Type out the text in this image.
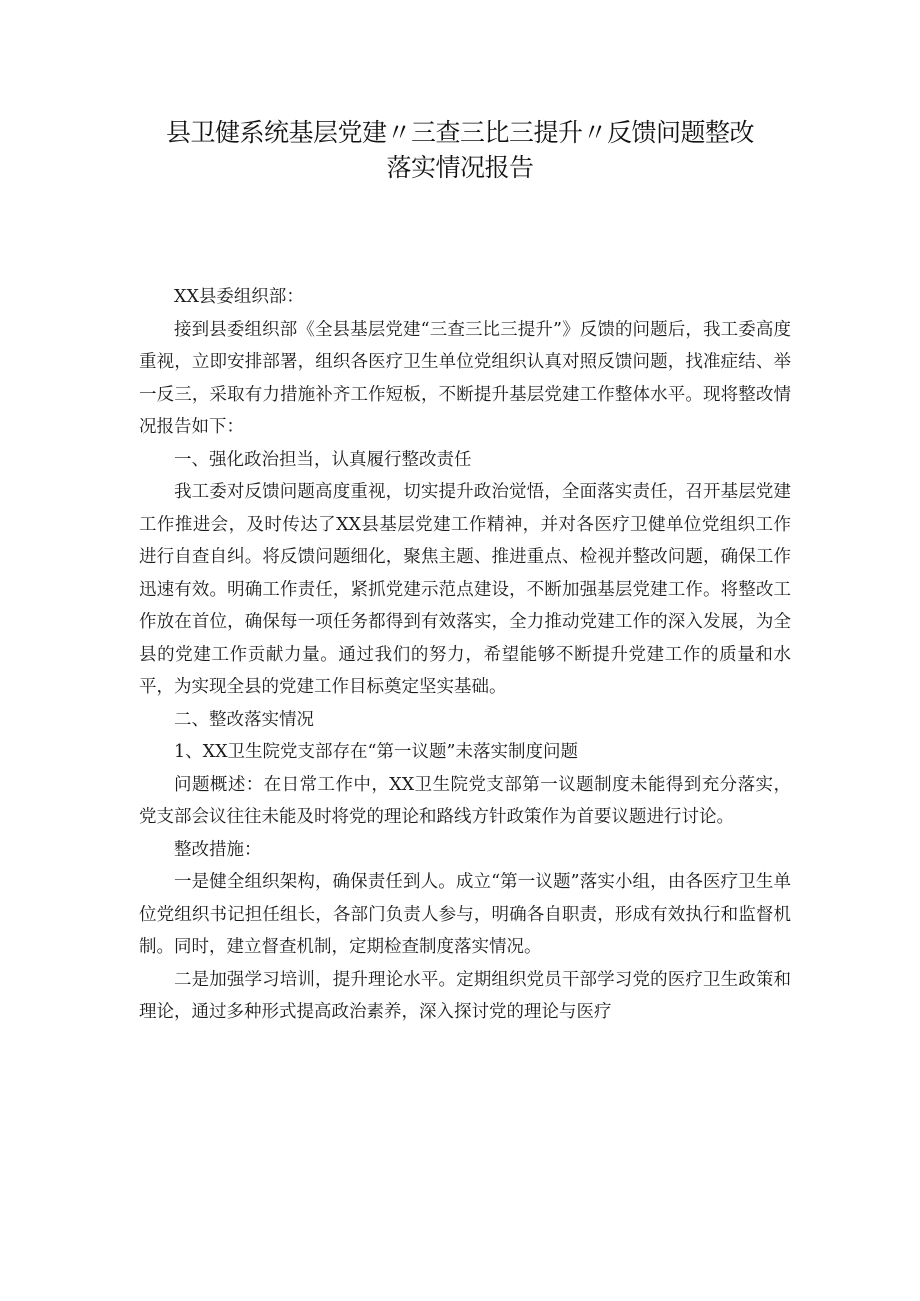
县卫健系统基层党建〃三查三比三提升〃反馈问题整改
落实情况报告

XX县委组织部：

接到县委组织部《全县基层党建“三查三比三提升”》反馈的问题后，我工委高度重视，立即安排部署，组织各医疗卫生单位党组织认真对照反馈问题，找准症结、举一反三，采取有力措施补齐工作短板，不断提升基层党建工作整体水平。现将整改情况报告如下：

一、强化政治担当，认真履行整改责任

我工委对反馈问题高度重视，切实提升政治觉悟，全面落实责任，召开基层党建工作推进会，及时传达了XX县基层党建工作精神，并对各医疗卫健单位党组织工作进行自查自纠。将反馈问题细化，聚焦主题、推进重点、检视并整改问题，确保工作迅速有效。明确工作责任，紧抓党建示范点建设，不断加强基层党建工作。将整改工作放在首位，确保每一项任务都得到有效落实，全力推动党建工作的深入发展，为全县的党建工作贡献力量。通过我们的努力，希望能够不断提升党建工作的质量和水平，为实现全县的党建工作目标奠定坚实基础。

二、整改落实情况

1、XX卫生院党支部存在“第一议题”未落实制度问题

问题概述：在日常工作中，XX卫生院党支部第一议题制度未能得到充分落实，党支部会议往往未能及时将党的理论和路线方针政策作为首要议题进行讨论。

整改措施：

一是健全组织架构，确保责任到人。成立“第一议题”落实小组，由各医疗卫生单位党组织书记担任组长，各部门负责人参与，明确各自职责，形成有效执行和监督机制。同时，建立督查机制，定期检查制度落实情况。

二是加强学习培训，提升理论水平。定期组织党员干部学习党的医疗卫生政策和理论，通过多种形式提高政治素养，深入探讨党的理论与医疗
